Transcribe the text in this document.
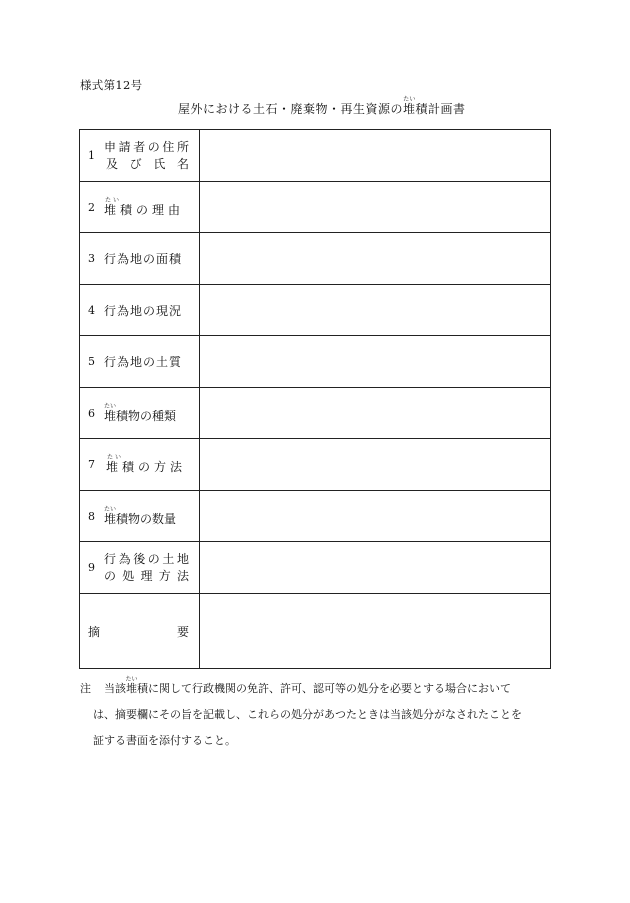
様式第12号
屋外における土石・廃棄物・再生資源の堆たい積計画書
1
申請者の住所
及 び 氏 名	

2 堆たい積の理由	

3 行為地の面積	

4 行為地の現況	

5 行為地の土質	

6 堆たい積物の種類	

7 堆たい積の方法	

8 堆たい積物の数量	

9
行為後の土地
の処理方法	

摘 要	

注	当該堆たい積に関して行政機関の免許、許可、認可等の処分を必要とする場合において
は、摘要欄にその旨を記載し、これらの処分があつたときは当該処分がなされたことを
証する書面を添付すること。
